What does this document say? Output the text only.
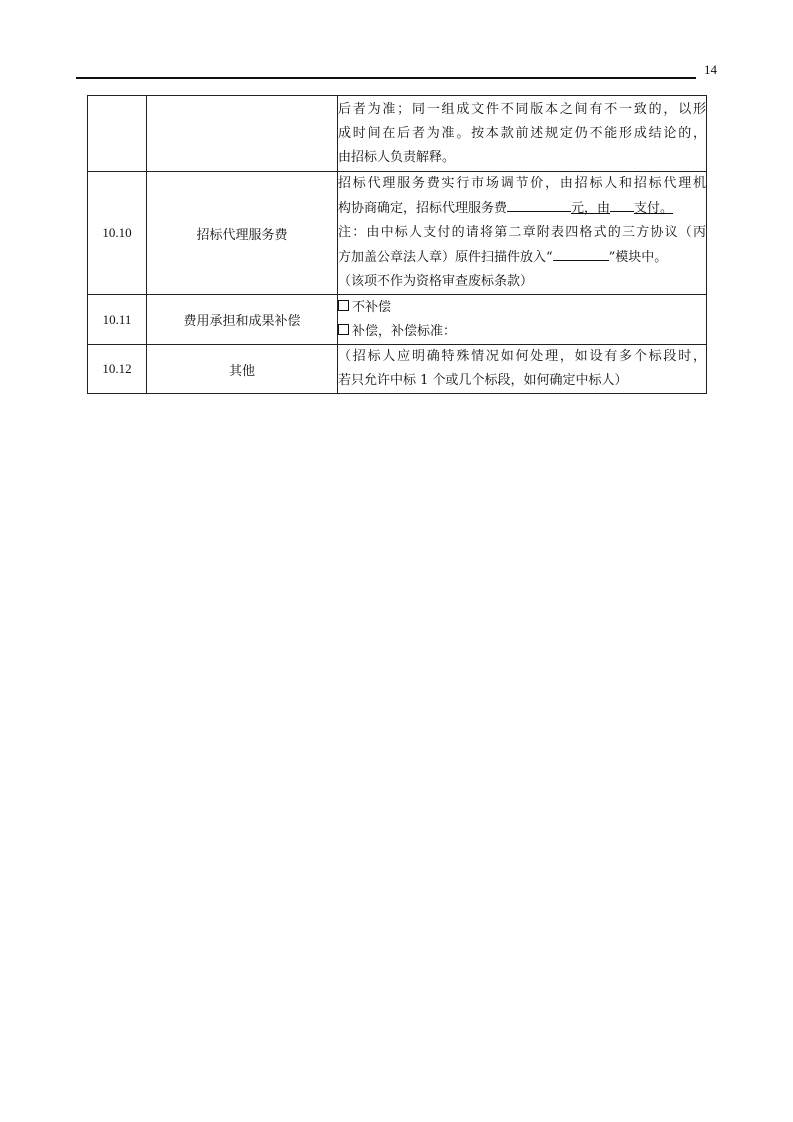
14

		后者为准；同一组成文件不同版本之间有不一致的，以形
成时间在后者为准。按本款前述规定仍不能形成结论的，
由招标人负责解释。

10.10	招标代理服务费	招标代理服务费实行市场调节价，由招标人和招标代理机
构协商确定，招标代理服务费 元，由 支付。
注：由中标人支付的请将第二章附表四格式的三方协议（丙
方加盖公章法人章）原件扫描件放入“ ”模块中。
（该项不作为资格审查废标条款）

10.11	费用承担和成果补偿	不补偿
补偿，补偿标准：

10.12	其他	（招标人应明确特殊情况如何处理，如设有多个标段时，
若只允许中标 1 个或几个标段，如何确定中标人）
